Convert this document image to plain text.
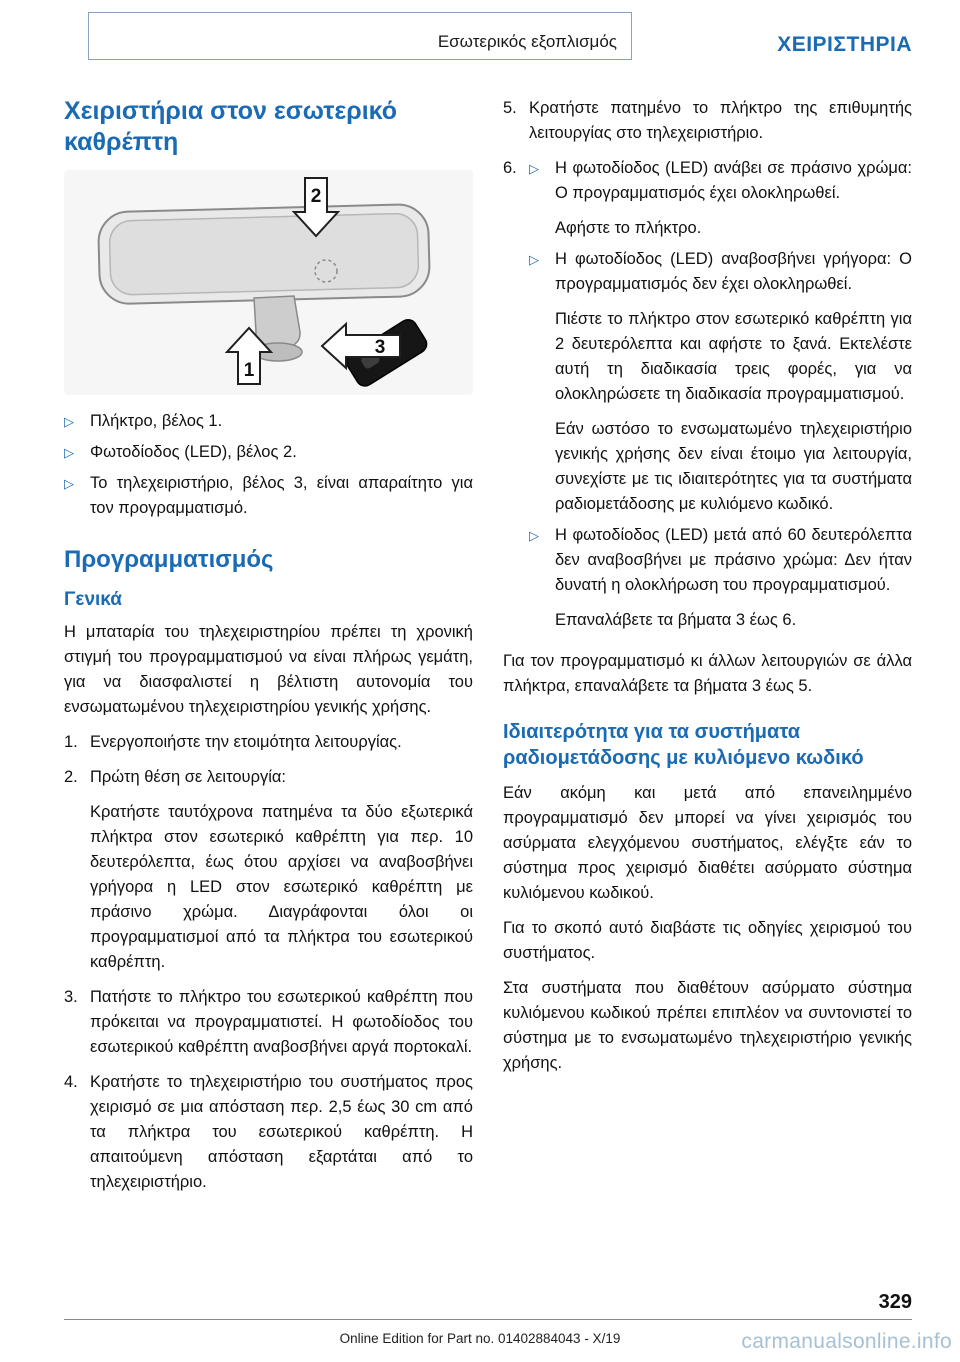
Εσωτερικός εξοπλισμός	ΧΕΙΡΙΣΤΗΡΙΑ
Χειριστήρια στον εσωτερικό καθρέπτη
2
1
3
▷ Πλήκτρο, βέλος 1.

▷ Φωτοδίοδος (LED), βέλος 2.

▷ Το τηλεχειριστήριο, βέλος 3, είναι απαραίτητο για τον προγραμματισμό.

Προγραμματισμός
Γενικά

Η μπαταρία του τηλεχειριστηρίου πρέπει τη χρονική στιγμή του προγραμματισμού να είναι πλήρως γεμάτη, για να διασφαλιστεί η βέλτιστη αυτονομία του ενσωματωμένου τηλεχειριστηρίου γενικής χρήσης.

1. Ενεργοποιήστε την ετοιμότητα λειτουργίας.

2. Πρώτη θέση σε λειτουργία:

Κρατήστε ταυτόχρονα πατημένα τα δύο εξωτερικά πλήκτρα στον εσωτερικό καθρέπτη για περ. 10 δευτερόλεπτα, έως ότου αρχίσει να αναβοσβήνει γρήγορα η LED στον εσωτερικό καθρέπτη με πράσινο χρώμα. Διαγράφονται όλοι οι προγραμματισμοί από τα πλήκτρα του εσωτερικού καθρέπτη.

3. Πατήστε το πλήκτρο του εσωτερικού καθρέπτη που πρόκειται να προγραμματιστεί. Η φωτοδίοδος του εσωτερικού καθρέπτη αναβοσβήνει αργά πορτοκαλί.

4. Κρατήστε το τηλεχειριστήριο του συστήματος προς χειρισμό σε μια απόσταση περ. 2,5 έως 30 cm από τα πλήκτρα του εσωτερικού καθρέπτη. Η απαιτούμενη απόσταση εξαρτάται από το τηλεχειριστήριο.

5. Κρατήστε πατημένο το πλήκτρο της επιθυμητής λειτουργίας στο τηλεχειριστήριο.

6. ▷ Η φωτοδίοδος (LED) ανάβει σε πράσινο χρώμα: Ο προγραμματισμός έχει ολοκληρωθεί.

Αφήστε το πλήκτρο.

▷ Η φωτοδίοδος (LED) αναβοσβήνει γρήγορα: Ο προγραμματισμός δεν έχει ολοκληρωθεί.

Πιέστε το πλήκτρο στον εσωτερικό καθρέπτη για 2 δευτερόλεπτα και αφήστε το ξανά. Εκτελέστε αυτή τη διαδικασία τρεις φορές, για να ολοκληρώσετε τη διαδικασία προγραμματισμού.

Εάν ωστόσο το ενσωματωμένο τηλεχειριστήριο γενικής χρήσης δεν είναι έτοιμο για λειτουργία, συνεχίστε με τις ιδιαιτερότητες για τα συστήματα ραδιομετάδοσης με κυλιόμενο κωδικό.

▷ Η φωτοδίοδος (LED) μετά από 60 δευτερόλεπτα δεν αναβοσβήνει με πράσινο χρώμα: Δεν ήταν δυνατή η ολοκλήρωση του προγραμματισμού.

Επαναλάβετε τα βήματα 3 έως 6.

Για τον προγραμματισμό κι άλλων λειτουργιών σε άλλα πλήκτρα, επαναλάβετε τα βήματα 3 έως 5.

Ιδιαιτερότητα για τα συστήματα ραδιομετάδοσης με κυλιόμενο κωδικό

Εάν ακόμη και μετά από επανειλημμένο προγραμματισμό δεν μπορεί να γίνει χειρισμός του ασύρματα ελεγχόμενου συστήματος, ελέγξτε εάν το σύστημα προς χειρισμό διαθέτει ασύρματο σύστημα κυλιόμενου κωδικού.

Για το σκοπό αυτό διαβάστε τις οδηγίες χειρισμού του συστήματος.

Στα συστήματα που διαθέτουν ασύρματο σύστημα κυλιόμενου κωδικού πρέπει επιπλέον να συντονιστεί το σύστημα με το ενσωματωμένο τηλεχειριστήριο γενικής χρήσης.

329
Online Edition for Part no. 01402884043 - X/19	carmanualsonline.info
